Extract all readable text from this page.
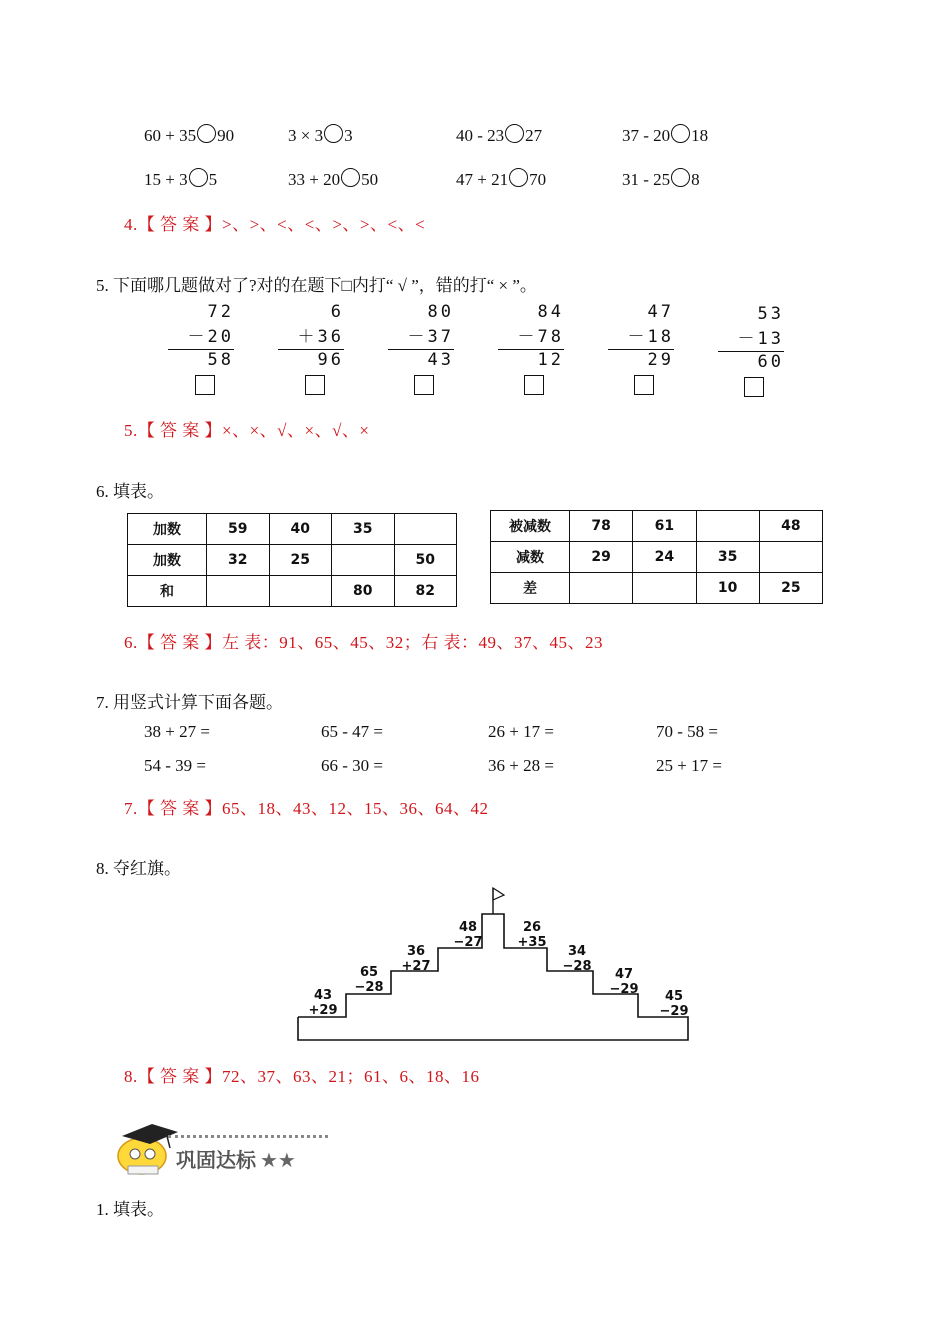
60 + 35 90	3 × 3 3	40 - 23 27	37 - 20 18
15 + 3 5	33 + 20 50	47 + 21 70	31 - 25 8
4.【 答 案 】>、>、<、<、>、>、<、<
5. 下面哪几题做对了?对的在题下□内打“ √ ”，错的打“ × ”。
72
－20
58
6
＋36
96
80
－37
43
84
－78
12
47
－18
29
53
－13
60
5.【 答 案 】×、×、√、×、√、×
6. 填表。
加数	59	40	35	
加数	32	25		50
和			80	82
被减数	78	61		48
减数	29	24	35	
差			10	25
6.【 答 案 】左 表：91、65、45、32；右 表：49、37、45、23
7. 用竖式计算下面各题。
38 + 27 =	65 - 47 =	26 + 17 =	70 - 58 =
54 - 39 =	66 - 30 =	36 + 28 =	25 + 17 =
7.【 答 案 】65、18、43、12、15、36、64、42
8. 夺红旗。
43
+29
65
−28
36
+27
48
−27
26
+35
34
−28
47
−29	45
−29
8.【 答 案 】72、37、63、21；61、6、18、16
巩固达标 ★★
1. 填表。
